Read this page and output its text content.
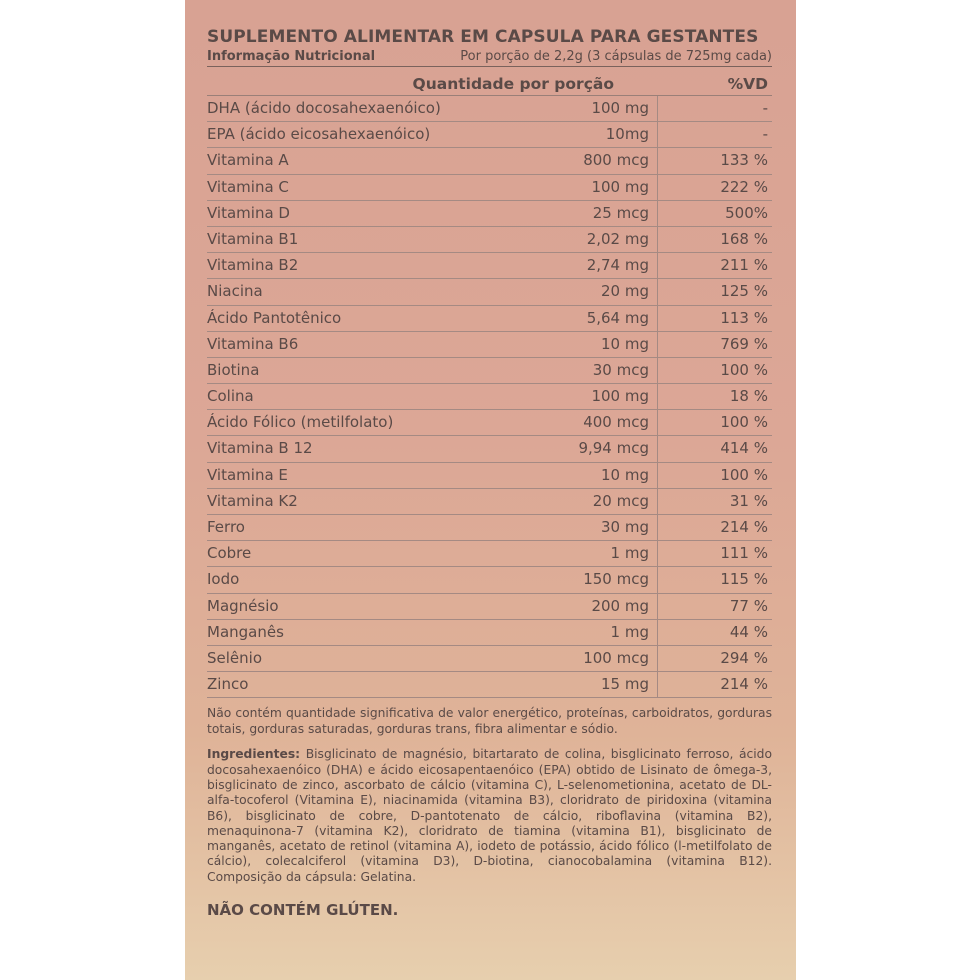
SUPLEMENTO ALIMENTAR EM CAPSULA PARA GESTANTES
Informação Nutricional	Por porção de 2,2g (3 cápsulas de 725mg cada)
Quantidade por porção	%VD
DHA (ácido docosahexaenóico)	100 mg	-
EPA (ácido eicosahexaenóico)	10mg	-
Vitamina A	800 mcg	133 %
Vitamina C	100 mg	222 %
Vitamina D	25 mcg	500%
Vitamina B1	2,02 mg	168 %
Vitamina B2	2,74 mg	211 %
Niacina	20 mg	125 %
Ácido Pantotênico	5,64 mg	113 %
Vitamina B6	10 mg	769 %
Biotina	30 mcg	100 %
Colina	100 mg	18 %
Ácido Fólico (metilfolato)	400 mcg	100 %
Vitamina B 12	9,94 mcg	414 %
Vitamina E	10 mg	100 %
Vitamina K2	20 mcg	31 %
Ferro	30 mg	214 %
Cobre	1 mg	111 %
Iodo	150 mcg	115 %
Magnésio	200 mg	77 %
Manganês	1 mg	44 %
Selênio	100 mcg	294 %
Zinco	15 mg	214 %
Não contém quantidade significativa de valor energético, proteínas, carboidratos, gorduras totais, gorduras saturadas, gorduras trans, fibra alimentar e sódio.
Ingredientes: Bisglicinato de magnésio, bitartarato de colina, bisglicinato ferroso, ácido docosahexaenóico (DHA) e ácido eicosapentaenóico (EPA) obtido de Lisinato de ômega-3, bisglicinato de zinco, ascorbato de cálcio (vitamina C), L-selenometionina, acetato de DL-alfa-tocoferol (Vitamina E), niacinamida (vitamina B3), cloridrato de piridoxina (vitamina B6), bisglicinato de cobre, D-pantotenato de cálcio, riboflavina (vitamina B2), menaquinona-7 (vitamina K2), cloridrato de tiamina (vitamina B1), bisglicinato de manganês, acetato de retinol (vitamina A), iodeto de potássio, ácido fólico (l-metilfolato de cálcio), colecalciferol (vitamina D3), D-biotina, cianocobalamina (vitamina B12). Composição da cápsula: Gelatina.
NÃO CONTÉM GLÚTEN.
